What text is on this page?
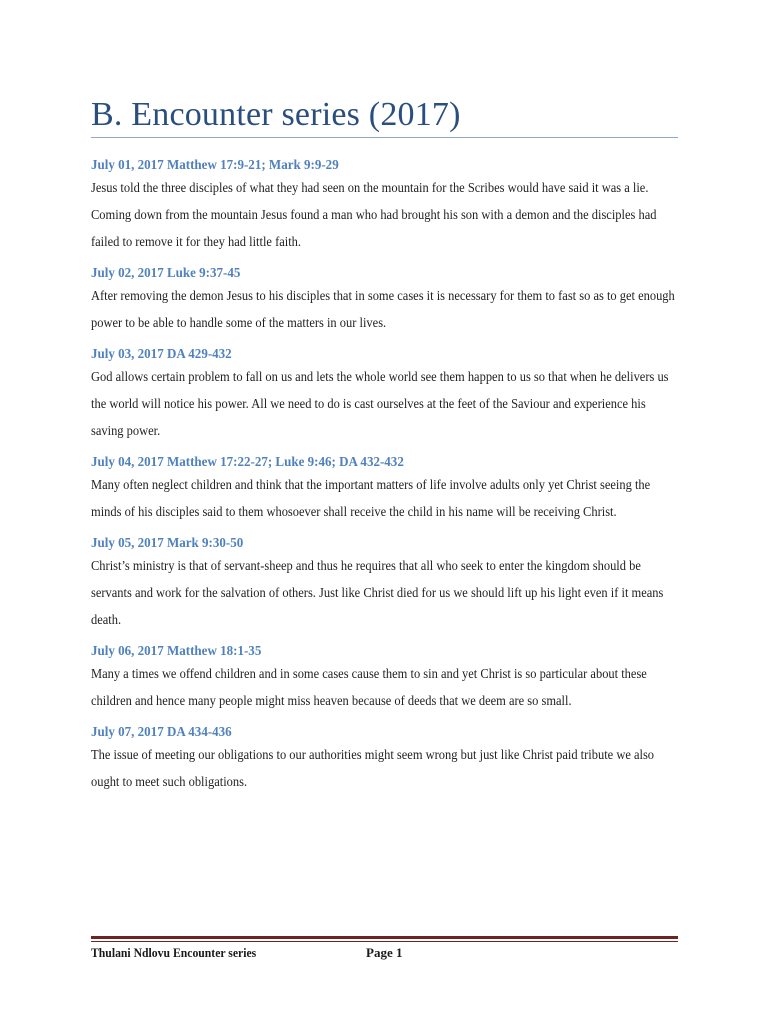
B. Encounter series (2017)
July 01, 2017 Matthew 17:9-21; Mark 9:9-29
Jesus told the three disciples of what they had seen on the mountain for the Scribes would have said it was a lie. Coming down from the mountain Jesus found a man who had brought his son with a demon and the disciples had failed to remove it for they had little faith.
July 02, 2017 Luke 9:37-45
After removing the demon Jesus to his disciples that in some cases it is necessary for them to fast so as to get enough power to be able to handle some of the matters in our lives.
July 03, 2017 DA 429-432
God allows certain problem to fall on us and lets the whole world see them happen to us so that when he delivers us the world will notice his power. All we need to do is cast ourselves at the feet of the Saviour and experience his saving power.
July 04, 2017 Matthew 17:22-27; Luke 9:46; DA 432-432
Many often neglect children and think that the important matters of life involve adults only yet Christ seeing the minds of his disciples said to them whosoever shall receive the child in his name will be receiving Christ.
July 05, 2017 Mark 9:30-50
Christ’s ministry is that of servant-sheep and thus he requires that all who seek to enter the kingdom should be servants and work for the salvation of others. Just like Christ died for us we should lift up his light even if it means death.
July 06, 2017 Matthew 18:1-35
Many a times we offend children and in some cases cause them to sin and yet Christ is so particular about these children and hence many people might miss heaven because of deeds that we deem are so small.
July 07, 2017 DA 434-436
The issue of meeting our obligations to our authorities might seem wrong but just like Christ paid tribute we also ought to meet such obligations.
Thulani Ndlovu Encounter series	Page 1
